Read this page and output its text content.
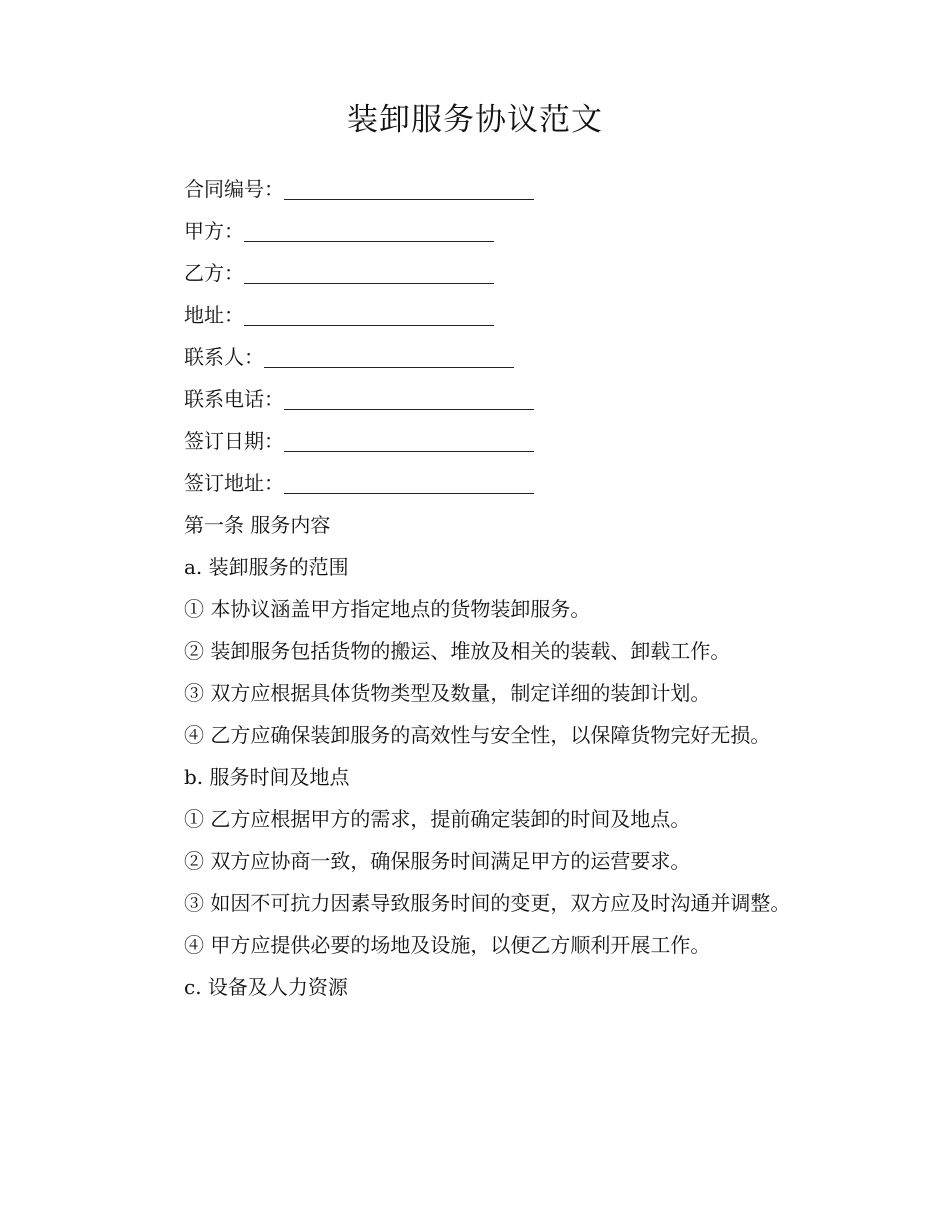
装卸服务协议范文
合同编号：
甲方：
乙方：
地址：
联系人：
联系电话：
签订日期：
签订地址：
第一条 服务内容
a. 装卸服务的范围
① 本协议涵盖甲方指定地点的货物装卸服务。
② 装卸服务包括货物的搬运、堆放及相关的装载、卸载工作。
③ 双方应根据具体货物类型及数量，制定详细的装卸计划。
④ 乙方应确保装卸服务的高效性与安全性，以保障货物完好无损。
b. 服务时间及地点
① 乙方应根据甲方的需求，提前确定装卸的时间及地点。
② 双方应协商一致，确保服务时间满足甲方的运营要求。
③ 如因不可抗力因素导致服务时间的变更，双方应及时沟通并调整。
④ 甲方应提供必要的场地及设施，以便乙方顺利开展工作。
c. 设备及人力资源
